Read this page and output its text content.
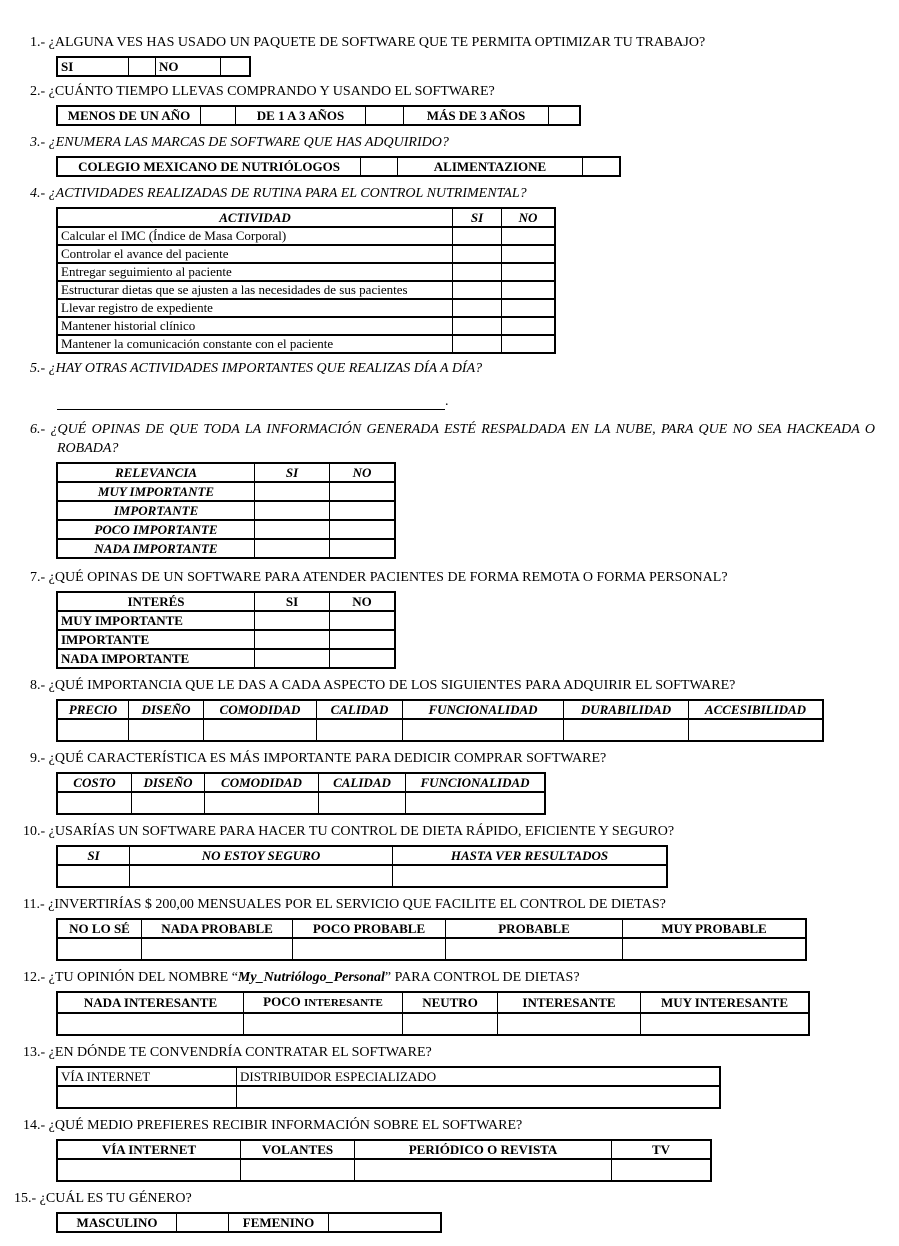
1.- ¿ALGUNA VES HAS USADO UN PAQUETE DE SOFTWARE QUE TE PERMITA OPTIMIZAR TU TRABAJO?

SI		NO	

2.- ¿CUÁNTO TIEMPO LLEVAS COMPRANDO Y USANDO EL SOFTWARE?

MENOS DE UN AÑO		DE 1 A 3 AÑOS		MÁS DE 3 AÑOS	

3.- ¿ENUMERA LAS MARCAS DE SOFTWARE QUE HAS ADQUIRIDO?

COLEGIO MEXICANO DE NUTRIÓLOGOS		ALIMENTAZIONE	

4.- ¿ACTIVIDADES REALIZADAS DE RUTINA PARA EL CONTROL NUTRIMENTAL?

ACTIVIDAD	SI	NO
Calcular el IMC (Índice de Masa Corporal)		
Controlar el avance del paciente		
Entregar seguimiento al paciente		
Estructurar dietas que se ajusten a las necesidades de sus pacientes		
Llevar registro de expediente		
Mantener historial clínico		
Mantener la comunicación constante con el paciente		

5.- ¿HAY OTRAS ACTIVIDADES IMPORTANTES QUE REALIZAS DÍA A DÍA?

.

6.- ¿QUÉ OPINAS DE QUE TODA LA INFORMACIÓN GENERADA ESTÉ RESPALDADA EN LA NUBE, PARA QUE NO SEA HACKEADA O ROBADA?

RELEVANCIA	SI	NO
MUY IMPORTANTE		
IMPORTANTE		
POCO IMPORTANTE		
NADA IMPORTANTE		

7.- ¿QUÉ OPINAS DE UN SOFTWARE PARA ATENDER PACIENTES DE FORMA REMOTA O FORMA PERSONAL?

INTERÉS	SI	NO
MUY IMPORTANTE		
IMPORTANTE		
NADA IMPORTANTE		

8.- ¿QUÉ IMPORTANCIA QUE LE DAS A CADA ASPECTO DE LOS SIGUIENTES PARA ADQUIRIR EL SOFTWARE?

PRECIO	DISEÑO	COMODIDAD	CALIDAD	FUNCIONALIDAD	DURABILIDAD	ACCESIBILIDAD

9.- ¿QUÉ CARACTERÍSTICA ES MÁS IMPORTANTE PARA DEDICIR COMPRAR SOFTWARE?

COSTO	DISEÑO	COMODIDAD	CALIDAD	FUNCIONALIDAD

10.- ¿USARÍAS UN SOFTWARE PARA HACER TU CONTROL DE DIETA RÁPIDO, EFICIENTE Y SEGURO?

SI	NO ESTOY SEGURO	HASTA VER RESULTADOS

11.- ¿INVERTIRÍAS $ 200,00 MENSUALES POR EL SERVICIO QUE FACILITE EL CONTROL DE DIETAS?

NO LO SÉ	NADA PROBABLE	POCO PROBABLE	PROBABLE	MUY PROBABLE

12.- ¿TU OPINIÓN DEL NOMBRE “My_Nutriólogo_Personal” PARA CONTROL DE DIETAS?

NADA INTERESANTE	POCO INTERESANTE	NEUTRO	INTERESANTE	MUY INTERESANTE

13.- ¿EN DÓNDE TE CONVENDRÍA CONTRATAR EL SOFTWARE?

VÍA INTERNET	DISTRIBUIDOR ESPECIALIZADO

14.- ¿QUÉ MEDIO PREFIERES RECIBIR INFORMACIÓN SOBRE EL SOFTWARE?

VÍA INTERNET	VOLANTES	PERIÓDICO O REVISTA	TV

15.- ¿CUÁL ES TU GÉNERO?

MASCULINO		FEMENINO	
